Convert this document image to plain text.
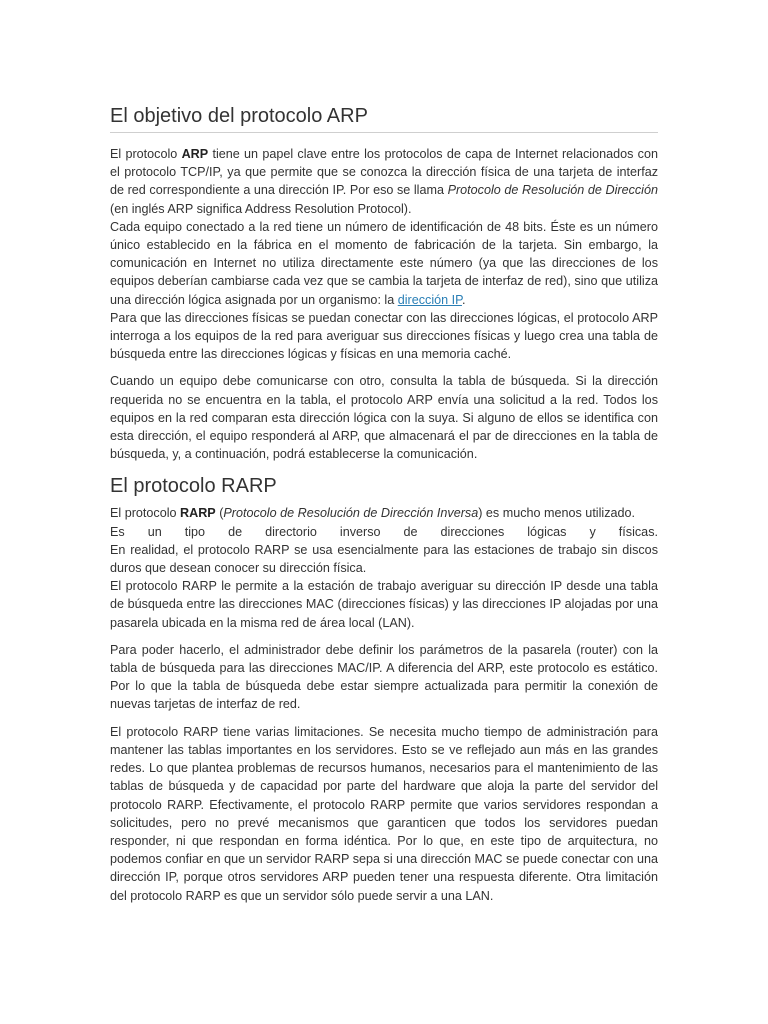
El objetivo del protocolo ARP

El protocolo ARP tiene un papel clave entre los protocolos de capa de Internet relacionados con el protocolo TCP/IP, ya que permite que se conozca la dirección física de una tarjeta de interfaz de red correspondiente a una dirección IP. Por eso se llama Protocolo de Resolución de Dirección (en inglés ARP significa Address Resolution Protocol).

Cada equipo conectado a la red tiene un número de identificación de 48 bits. Éste es un número único establecido en la fábrica en el momento de fabricación de la tarjeta. Sin embargo, la comunicación en Internet no utiliza directamente este número (ya que las direcciones de los equipos deberían cambiarse cada vez que se cambia la tarjeta de interfaz de red), sino que utiliza una dirección lógica asignada por un organismo: la dirección IP.

Para que las direcciones físicas se puedan conectar con las direcciones lógicas, el protocolo ARP interroga a los equipos de la red para averiguar sus direcciones físicas y luego crea una tabla de búsqueda entre las direcciones lógicas y físicas en una memoria caché.

Cuando un equipo debe comunicarse con otro, consulta la tabla de búsqueda. Si la dirección requerida no se encuentra en la tabla, el protocolo ARP envía una solicitud a la red. Todos los equipos en la red comparan esta dirección lógica con la suya. Si alguno de ellos se identifica con esta dirección, el equipo responderá al ARP, que almacenará el par de direcciones en la tabla de búsqueda, y, a continuación, podrá establecerse la comunicación.

El protocolo RARP

El protocolo RARP (Protocolo de Resolución de Dirección Inversa) es mucho menos utilizado.

Es un tipo de directorio inverso de direcciones lógicas y físicas.

En realidad, el protocolo RARP se usa esencialmente para las estaciones de trabajo sin discos duros que desean conocer su dirección física.

El protocolo RARP le permite a la estación de trabajo averiguar su dirección IP desde una tabla de búsqueda entre las direcciones MAC (direcciones físicas) y las direcciones IP alojadas por una pasarela ubicada en la misma red de área local (LAN).

Para poder hacerlo, el administrador debe definir los parámetros de la pasarela (router) con la tabla de búsqueda para las direcciones MAC/IP. A diferencia del ARP, este protocolo es estático. Por lo que la tabla de búsqueda debe estar siempre actualizada para permitir la conexión de nuevas tarjetas de interfaz de red.

El protocolo RARP tiene varias limitaciones. Se necesita mucho tiempo de administración para mantener las tablas importantes en los servidores. Esto se ve reflejado aun más en las grandes redes. Lo que plantea problemas de recursos humanos, necesarios para el mantenimiento de las tablas de búsqueda y de capacidad por parte del hardware que aloja la parte del servidor del protocolo RARP. Efectivamente, el protocolo RARP permite que varios servidores respondan a solicitudes, pero no prevé mecanismos que garanticen que todos los servidores puedan responder, ni que respondan en forma idéntica. Por lo que, en este tipo de arquitectura, no podemos confiar en que un servidor RARP sepa si una dirección MAC se puede conectar con una dirección IP, porque otros servidores ARP pueden tener una respuesta diferente. Otra limitación del protocolo RARP es que un servidor sólo puede servir a una LAN.
